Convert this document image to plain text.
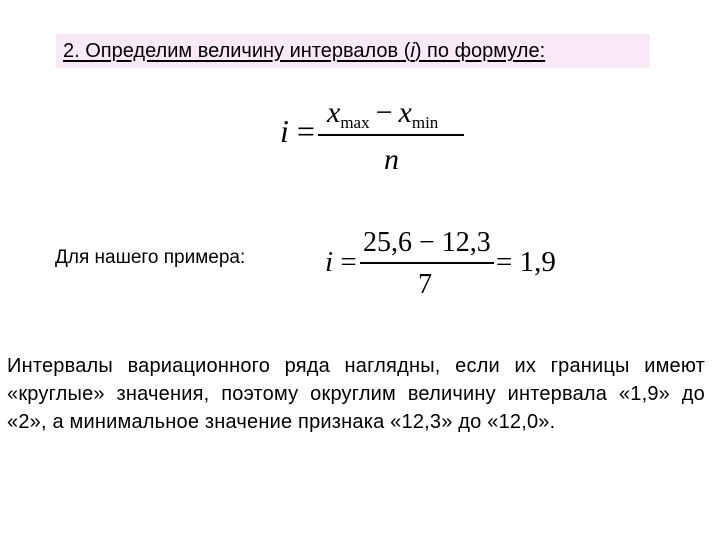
2. Определим величину интервалов (i) по формуле:
i =
$x_{max} - x_{min}$
n
Для нашего примера:	i =
25,6 − 12,3
7
= 1,9
Интервалы вариационного ряда наглядны, если их границы имеют «круглые» значения, поэтому округлим величину интервала «1,9» до «2», а минимальное значение признака «12,3» до «12,0».
